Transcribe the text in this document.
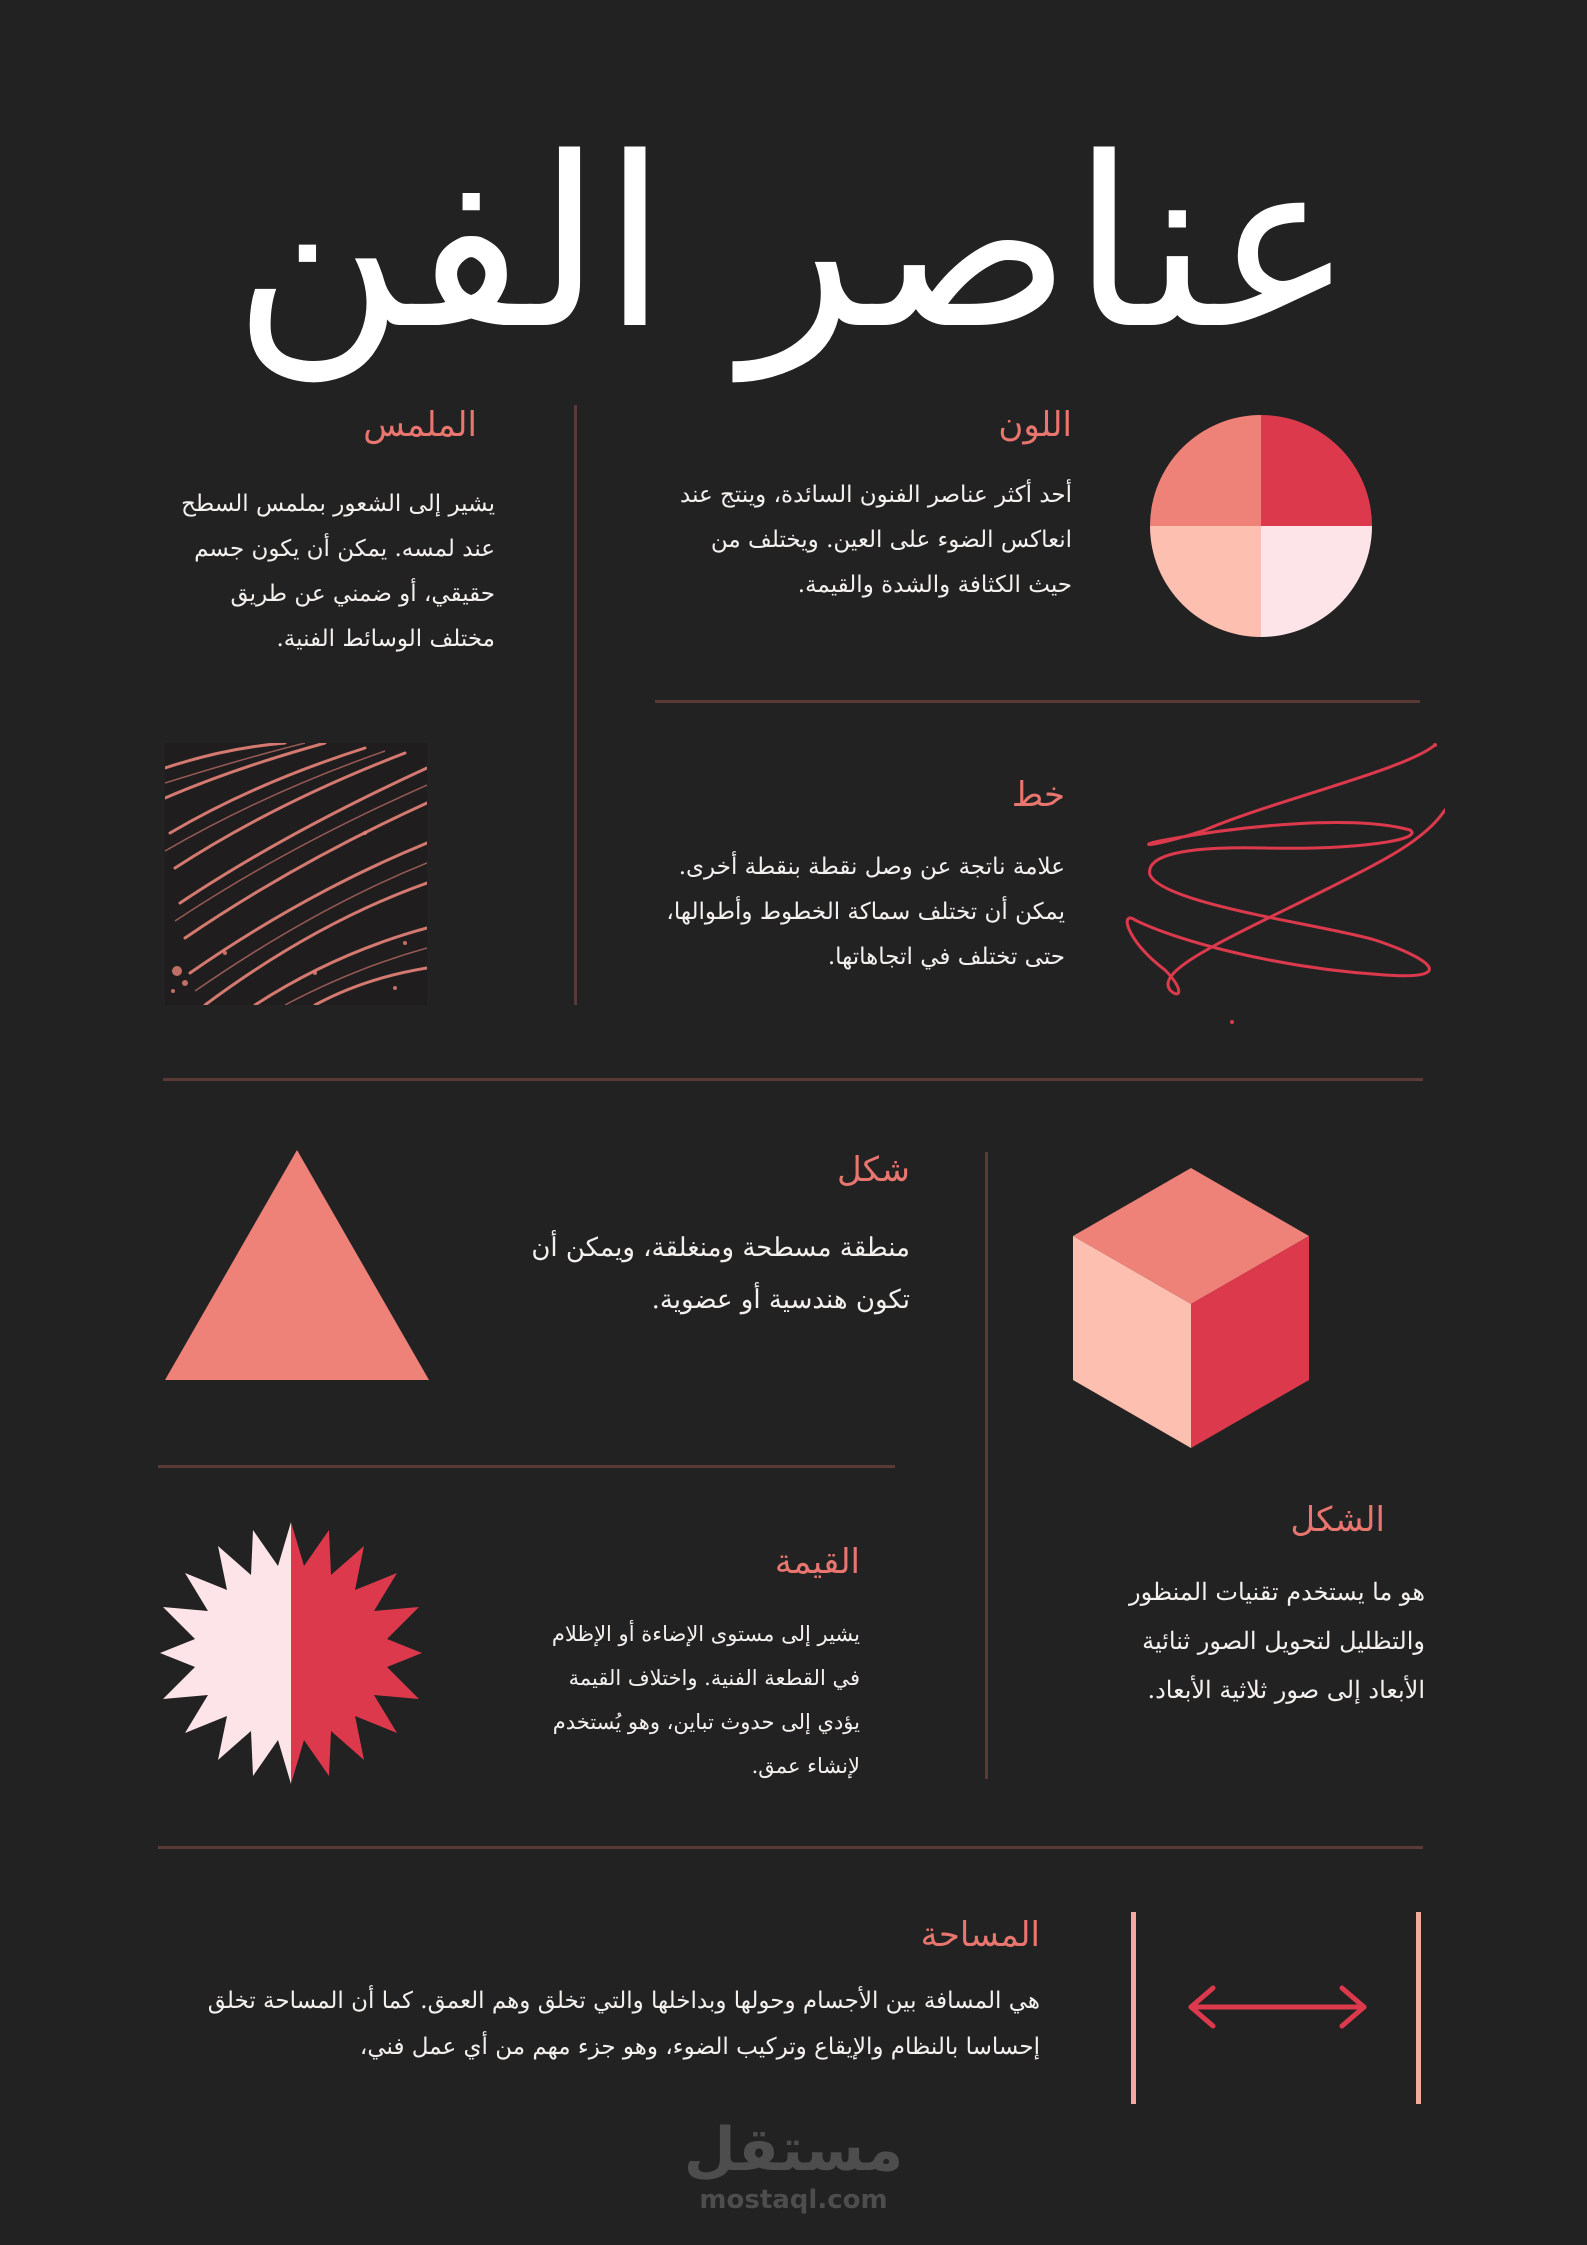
عناصر الفن
اللون
أحد أكثر عناصر الفنون السائدة، وينتج عند انعاكس الضوء على العين. ويختلف من حيث الكثافة والشدة والقيمة.
الملمس
يشير إلى الشعور بملمس السطح عند لمسه. يمكن أن يكون جسم حقيقي، أو ضمني عن طريق مختلف الوسائط الفنية.
خط
علامة ناتجة عن وصل نقطة بنقطة أخرى. يمكن أن تختلف سماكة الخطوط وأطوالها، حتى تختلف في اتجاهاتها.
شكل
منطقة مسطحة ومنغلقة، ويمكن أن تكون هندسية أو عضوية.
الشكل
هو ما يستخدم تقنيات المنظور والتظليل لتحويل الصور ثنائية الأبعاد إلى صور ثلاثية الأبعاد.
القيمة
يشير إلى مستوى الإضاءة أو الإظلام في القطعة الفنية. واختلاف القيمة يؤدي إلى حدوث تباين، وهو يُستخدم لإنشاء عمق.
المساحة
هي المسافة بين الأجسام وحولها وبداخلها والتي تخلق وهم العمق. كما أن المساحة تخلق إحساسا بالنظام والإيقاع وتركيب الضوء، وهو جزء مهم من أي عمل فني،
مستقل
mostaql.com
